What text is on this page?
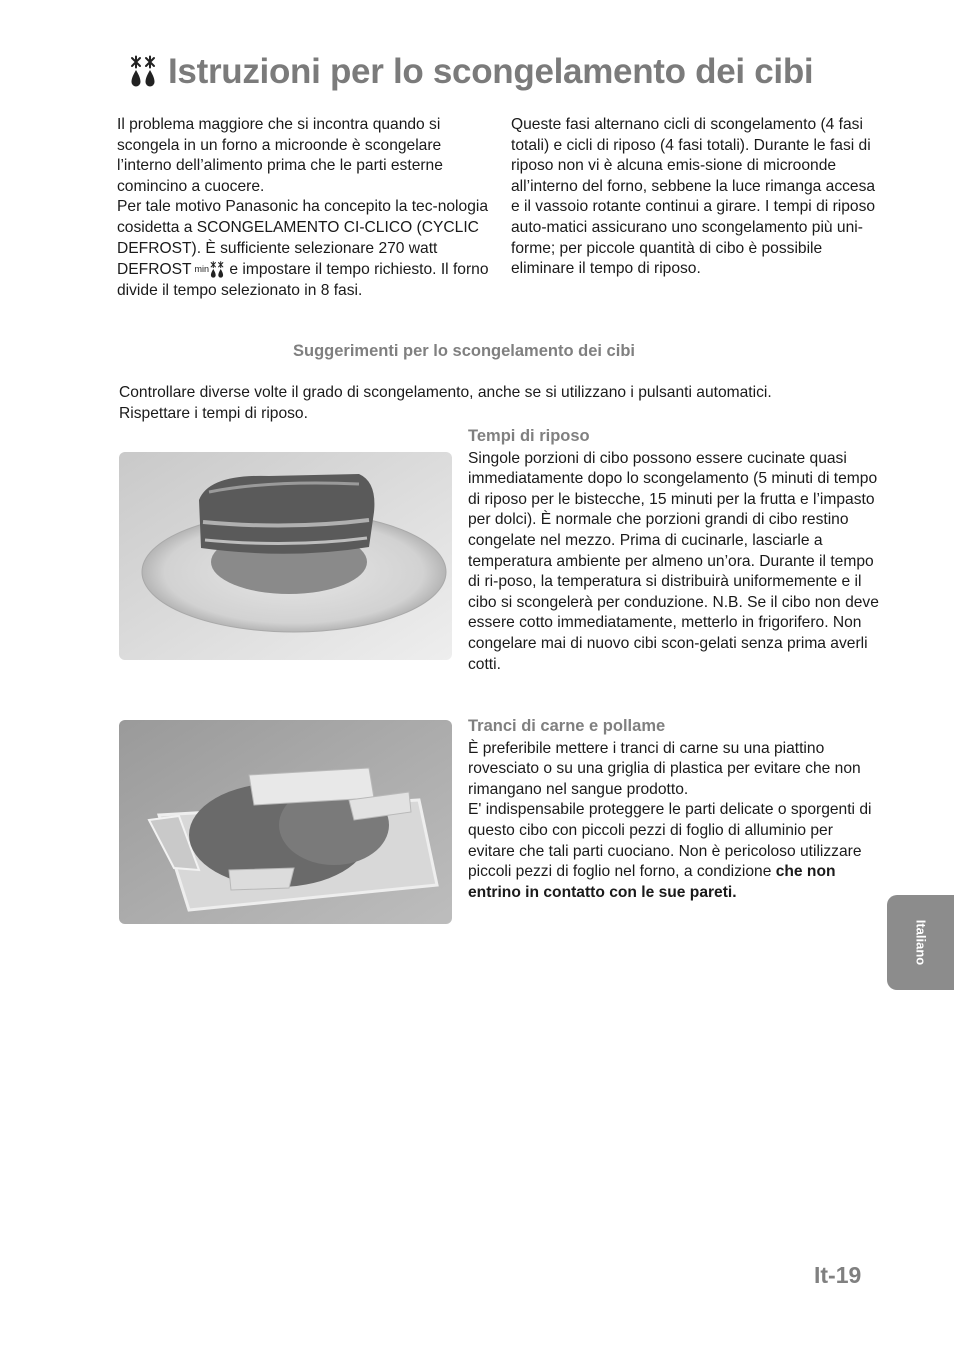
Istruzioni per lo scongelamento dei cibi

Il problema maggiore che si incontra quando si scongela in un forno a microonde è scongelare l’interno dell’alimento prima che le parti esterne comincino a cuocere.

Per tale motivo Panasonic ha concepito la tec-nologia cosidetta a SCONGELAMENTO CI-CLICO (CYCLIC DEFROST). È sufficiente selezionare 270 watt DEFROST min e impostare il tempo richiesto. Il forno divide il tempo selezionato in 8 fasi.

Queste fasi alternano cicli di scongelamento (4 fasi totali) e cicli di riposo (4 fasi totali). Durante le fasi di riposo non vi è alcuna emis-sione di microonde all’interno del forno, sebbene la luce rimanga accesa e il vassoio rotante continui a girare. I tempi di riposo auto-matici assicurano uno scongelamento più uni-forme; per piccole quantità di cibo è possibile eliminare il tempo di riposo.

Suggerimenti per lo scongelamento dei cibi

Controllare diverse volte il grado di scongelamento, anche se si utilizzano i pulsanti automatici.

Rispettare i tempi di riposo.

Tempi di riposo

Singole porzioni di cibo possono essere cucinate quasi immediatamente dopo lo scongelamento (5 minuti di tempo di riposo per le bistecche, 15 minuti per la frutta e l’impasto per dolci). È normale che porzioni grandi di cibo restino congelate nel mezzo. Prima di cucinarle, lasciarle a temperatura ambiente per almeno un’ora. Durante il tempo di ri-poso, la temperatura si distribuirà uniformemente e il cibo si scongelerà per conduzione. N.B. Se il cibo non deve essere cotto immediatamente, metterlo in frigorifero. Non congelare mai di nuovo cibi scon-gelati senza prima averli cotti.

Tranci di carne e pollame

È preferibile mettere i tranci di carne su una piattino rovesciato o su una griglia di plastica per evitare che non rimangano nel sangue prodotto.

E' indispensabile proteggere le parti delicate o sporgenti di questo cibo con piccoli pezzi di foglio di alluminio per evitare che tali parti cuociano. Non è pericoloso utilizzare piccoli pezzi di foglio nel forno, a condizione che non entrino in contatto con le sue pareti.

Italiano
It-19
